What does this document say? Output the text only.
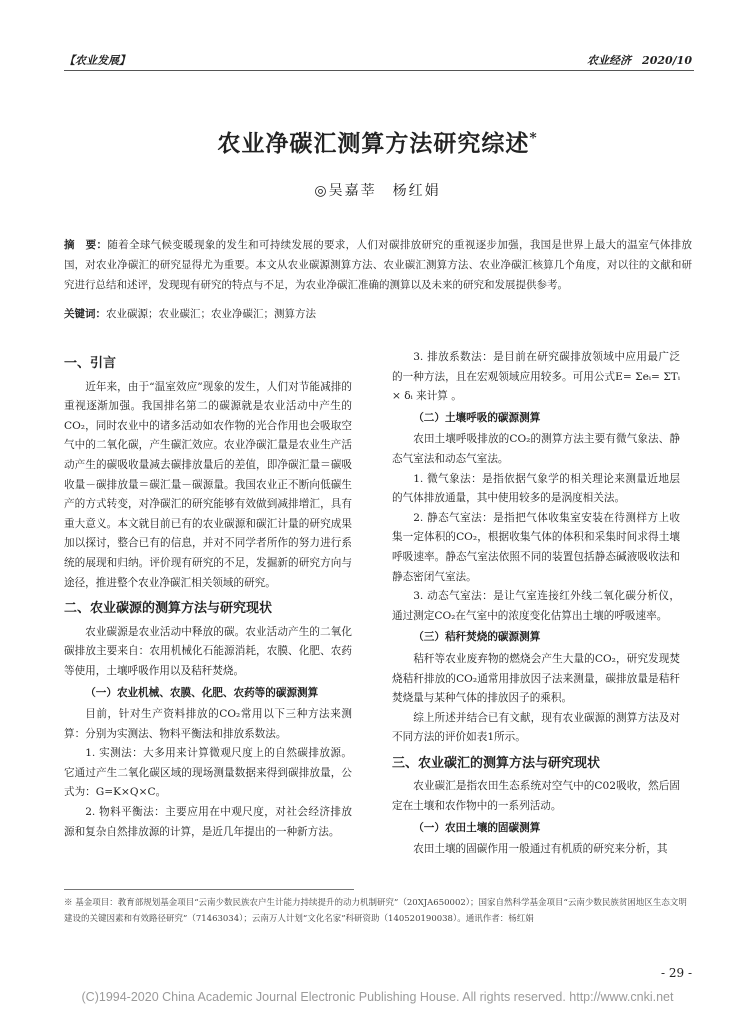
【农业发展】	农业经济　2020/10
农业净碳汇测算方法研究综述*
◎吴嘉莘　杨红娟
摘　要：随着全球气候变暖现象的发生和可持续发展的要求，人们对碳排放研究的重视逐步加强，我国是世界上最大的温室气体排放国，对农业净碳汇的研究显得尤为重要。本文从农业碳源测算方法、农业碳汇测算方法、农业净碳汇核算几个角度，对以往的文献和研究进行总结和述评，发现现有研究的特点与不足，为农业净碳汇准确的测算以及未来的研究和发展提供参考。
关键词：农业碳源；农业碳汇；农业净碳汇；测算方法
一、引言

近年来，由于“温室效应”现象的发生，人们对节能减排的重视逐渐加强。我国排名第二的碳源就是农业活动中产生的CO₂，同时农业中的诸多活动如农作物的光合作用也会吸取空气中的二氧化碳，产生碳汇效应。农业净碳汇量是农业生产活动产生的碳吸收量减去碳排放量后的差值，即净碳汇量＝碳吸收量－碳排放量＝碳汇量－碳源量。我国农业正不断向低碳生产的方式转变，对净碳汇的研究能够有效做到减排增汇，具有重大意义。本文就目前已有的农业碳源和碳汇计量的研究成果加以探讨，整合已有的信息，并对不同学者所作的努力进行系统的展现和归纳。评价现有研究的不足，发掘新的研究方向与途径，推进整个农业净碳汇相关领域的研究。

二、农业碳源的测算方法与研究现状

农业碳源是农业活动中释放的碳。农业活动产生的二氧化碳排放主要来自：农用机械化石能源消耗，农膜、化肥、农药等使用，土壤呼吸作用以及秸秆焚烧。

（一）农业机械、农膜、化肥、农药等的碳源测算

目前，针对生产资料排放的CO₂常用以下三种方法来测算：分别为实测法、物料平衡法和排放系数法。

1. 实测法：大多用来计算微观尺度上的自然碳排放源。它通过产生二氧化碳区域的现场测量数据来得到碳排放量，公式为：G=K×Q×C。

2. 物料平衡法：主要应用在中观尺度，对社会经济排放源和复杂自然排放源的计算，是近几年提出的一种新方法。

3. 排放系数法：是目前在研究碳排放领域中应用最广泛的一种方法，且在宏观领域应用较多。可用公式E= Σeᵢ= ΣTᵢ × δᵢ 来计算 。

（二）土壤呼吸的碳源测算

农田土壤呼吸排放的CO₂的测算方法主要有微气象法、静态气室法和动态气室法。

1. 微气象法：是指依据气象学的相关理论来测量近地层的气体排放通量，其中使用较多的是涡度相关法。

2. 静态气室法：是指把气体收集室安装在待测样方上收集一定体积的CO₂，根据收集气体的体积和采集时间求得土壤呼吸速率。静态气室法依照不同的装置包括静态碱液吸收法和静态密闭气室法。

3. 动态气室法：是让气室连接红外线二氧化碳分析仪，通过测定CO₂在气室中的浓度变化估算出土壤的呼吸速率。

（三）秸秆焚烧的碳源测算

秸秆等农业废弃物的燃烧会产生大量的CO₂，研究发现焚烧秸秆排放的CO₂通常用排放因子法来测量，碳排放量是秸秆焚烧量与某种气体的排放因子的乘积。

综上所述并结合已有文献，现有农业碳源的测算方法及对不同方法的评价如表1所示。

三、农业碳汇的测算方法与研究现状

农业碳汇是指农田生态系统对空气中的C02吸收，然后固定在土壤和农作物中的一系列活动。

（一）农田土壤的固碳测算

农田土壤的固碳作用一般通过有机质的研究来分析，其

※ 基金项目：教育部规划基金项目“云南少数民族农户生计能力持续提升的动力机制研究”（20XJA650002）；国家自然科学基金项目“云南少数民族贫困地区生态文明建设的关键因素和有效路径研究”（71463034）；云南万人计划“文化名家”科研资助（140520190038）。通讯作者：杨红娟
- 29 -
(C)1994-2020 China Academic Journal Electronic Publishing House. All rights reserved. http://www.cnki.net
